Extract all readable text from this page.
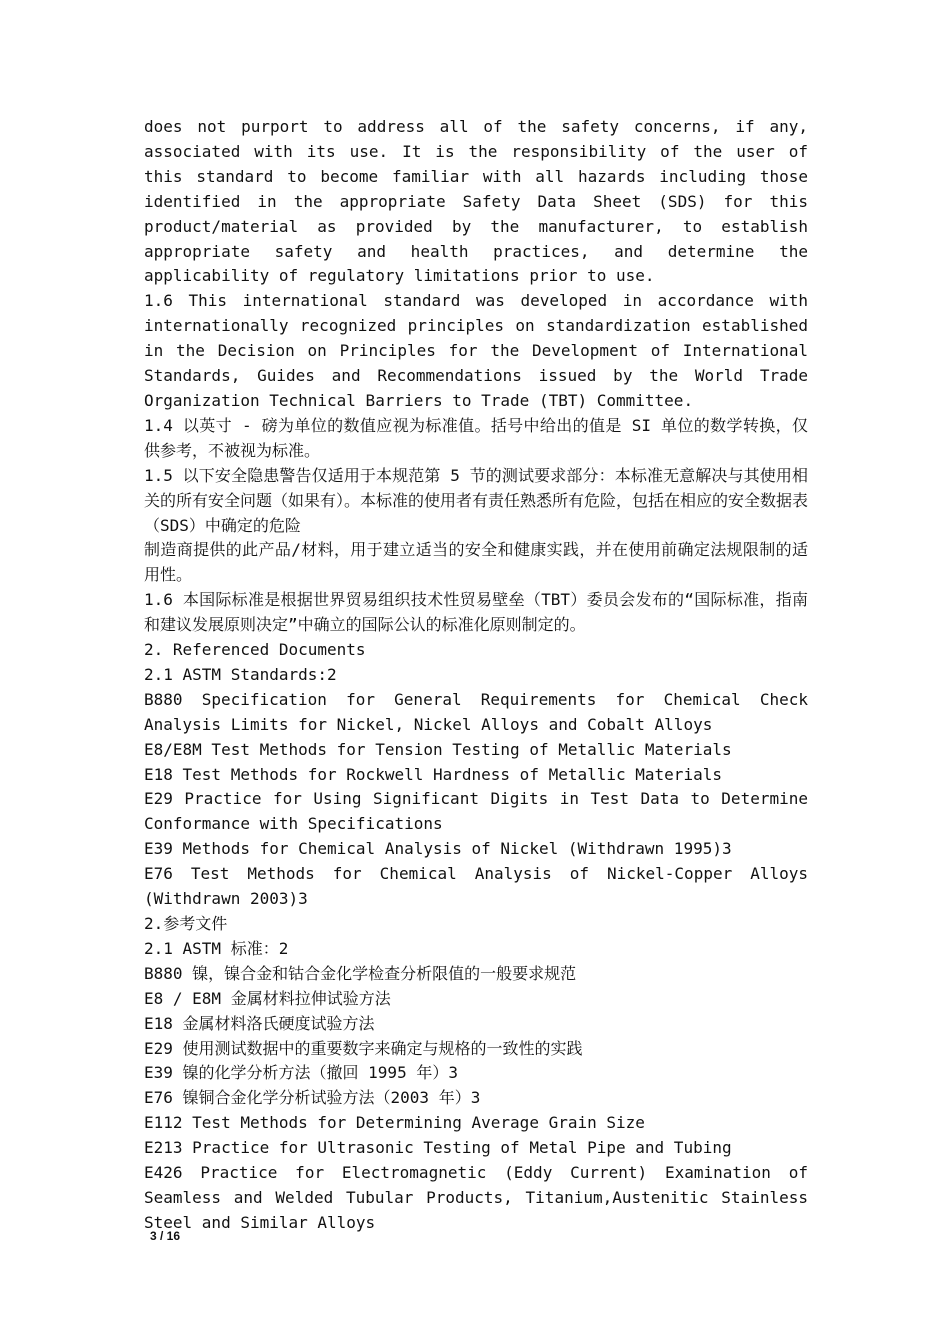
does not purport to address all of the safety concerns, if any, associated with its use. It is the responsibility of the user of this standard to become familiar with all hazards including those identified in the appropriate Safety Data Sheet (SDS) for this product/material as provided by the manufacturer, to establish appropriate safety and health practices, and determine the applicability of regulatory limitations prior to use.

1.6 This international standard was developed in accordance with internationally recognized principles on standardization established in the Decision on Principles for the Development of International Standards, Guides and Recommendations issued by the World Trade Organization Technical Barriers to Trade (TBT) Committee.

1.4 以英寸 - 磅为单位的数值应视为标准值。括号中给出的值是 SI 单位的数学转换，仅供参考，不被视为标准。

1.5 以下安全隐患警告仅适用于本规范第 5 节的测试要求部分：本标准无意解决与其使用相关的所有安全问题（如果有）。本标准的使用者有责任熟悉所有危险，包括在相应的安全数据表（SDS）中确定的危险

制造商提供的此产品/材料，用于建立适当的安全和健康实践，并在使用前确定法规限制的适用性。

1.6 本国际标准是根据世界贸易组织技术性贸易壁垒（TBT）委员会发布的“国际标准，指南和建议发展原则决定”中确立的国际公认的标准化原则制定的。

2. Referenced Documents

2.1 ASTM Standards:2

B880 Specification for General Requirements for Chemical Check Analysis Limits for Nickel, Nickel Alloys and Cobalt Alloys

E8/E8M Test Methods for Tension Testing of Metallic Materials

E18 Test Methods for Rockwell Hardness of Metallic Materials

E29 Practice for Using Significant Digits in Test Data to Determine Conformance with Specifications

E39 Methods for Chemical Analysis of Nickel (Withdrawn 1995)3

E76 Test Methods for Chemical Analysis of Nickel-Copper Alloys (Withdrawn 2003)3

2.参考文件

2.1 ASTM 标准：2

B880 镍，镍合金和钴合金化学检查分析限值的一般要求规范

E8 / E8M 金属材料拉伸试验方法

E18 金属材料洛氏硬度试验方法

E29 使用测试数据中的重要数字来确定与规格的一致性的实践

E39 镍的化学分析方法（撤回 1995 年）3

E76 镍铜合金化学分析试验方法（2003 年）3

E112 Test Methods for Determining Average Grain Size

E213 Practice for Ultrasonic Testing of Metal Pipe and Tubing

E426 Practice for Electromagnetic (Eddy Current) Examination of Seamless and Welded Tubular Products, Titanium,Austenitic Stainless Steel and Similar Alloys

3 / 16
